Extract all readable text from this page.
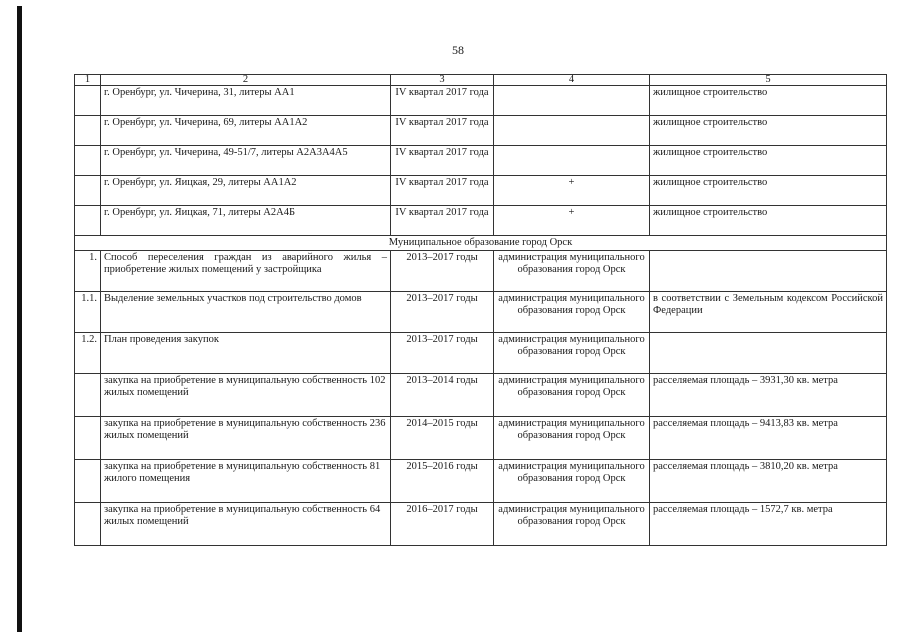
58
1	2	3	4	5
	г. Оренбург, ул. Чичерина, 31, литеры АА1	IV квартал 2017 года		жилищное строительство
	г. Оренбург, ул. Чичерина, 69, литеры АА1А2	IV квартал 2017 года		жилищное строительство
	г. Оренбург, ул. Чичерина, 49-51/7, литеры А2А3А4А5	IV квартал 2017 года		жилищное строительство
	г. Оренбург, ул. Яицкая, 29, литеры АА1А2	IV квартал 2017 года	+	жилищное строительство
	г. Оренбург, ул. Яицкая, 71, литеры А2А4Б	IV квартал 2017 года	+	жилищное строительство
Муниципальное образование город Орск				
1.	Способ переселения граждан из аварийного жилья – приобретение жилых помещений у застройщика	2013–2017 годы	администрация муниципального образования город Орск	
1.1.	Выделение земельных участков под строительство домов	2013–2017 годы	администрация муниципального образования город Орск	в соответствии с Земельным кодексом Российской Федерации
1.2.	План проведения закупок	2013–2017 годы	администрация муниципального образования город Орск	
	закупка на приобретение в муниципальную собственность 102 жилых помещений	2013–2014 годы	администрация муниципального образования город Орск	расселяемая площадь – 3931,30 кв. метра
	закупка на приобретение в муниципальную собственность 236 жилых помещений	2014–2015 годы	администрация муниципального образования город Орск	расселяемая площадь – 9413,83 кв. метра
	закупка на приобретение в муниципальную собственность 81 жилого помещения	2015–2016 годы	администрация муниципального образования город Орск	расселяемая площадь – 3810,20 кв. метра
	закупка на приобретение в муниципальную собственность 64 жилых помещений	2016–2017 годы	администрация муниципального образования город Орск	расселяемая площадь – 1572,7 кв. метра
